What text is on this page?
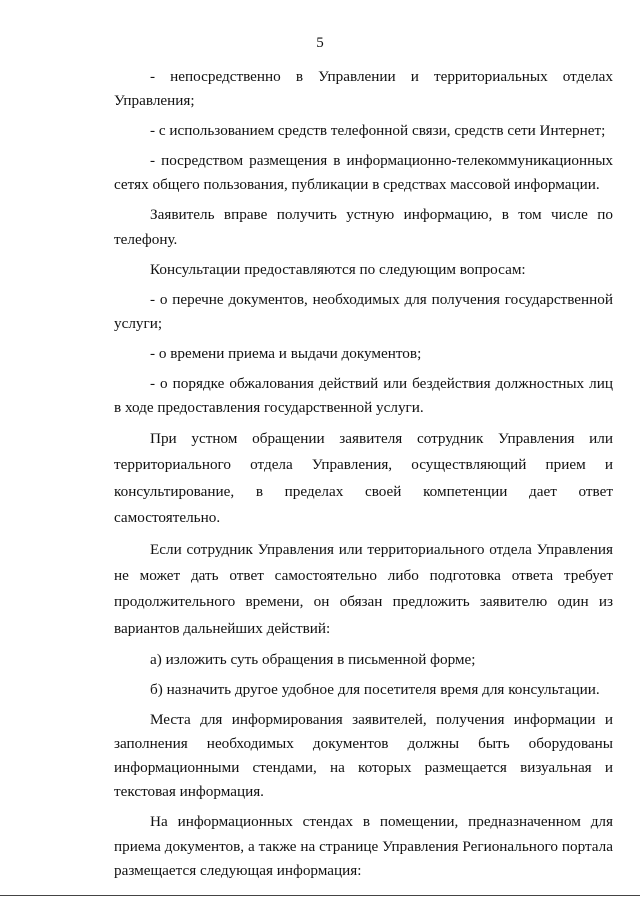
5

- непосредственно в Управлении и территориальных отделах Управления;

- с использованием средств телефонной связи, средств сети Интернет;

- посредством размещения в информационно-телекоммуникационных сетях общего пользования, публикации в средствах массовой информации.

Заявитель вправе получить устную информацию, в том числе по телефону.

Консультации предоставляются по следующим вопросам:

- о перечне документов, необходимых для получения государственной услуги;

- о времени приема и выдачи документов;

- о порядке обжалования действий или бездействия должностных лиц в ходе предоставления государственной услуги.

При устном обращении заявителя сотрудник Управления или территориального отдела Управления, осуществляющий прием и консультирование, в пределах своей компетенции дает ответ самостоятельно.

Если сотрудник Управления или территориального отдела Управления не может дать ответ самостоятельно либо подготовка ответа требует продолжительного времени, он обязан предложить заявителю один из вариантов дальнейших действий:

а) изложить суть обращения в письменной форме;

б) назначить другое удобное для посетителя время для консультации.

Места для информирования заявителей, получения информации и заполнения необходимых документов должны быть оборудованы информационными стендами, на которых размещается визуальная и текстовая информация.

На информационных стендах в помещении, предназначенном для приема документов, а также на странице Управления Регионального портала размещается следующая информация:
